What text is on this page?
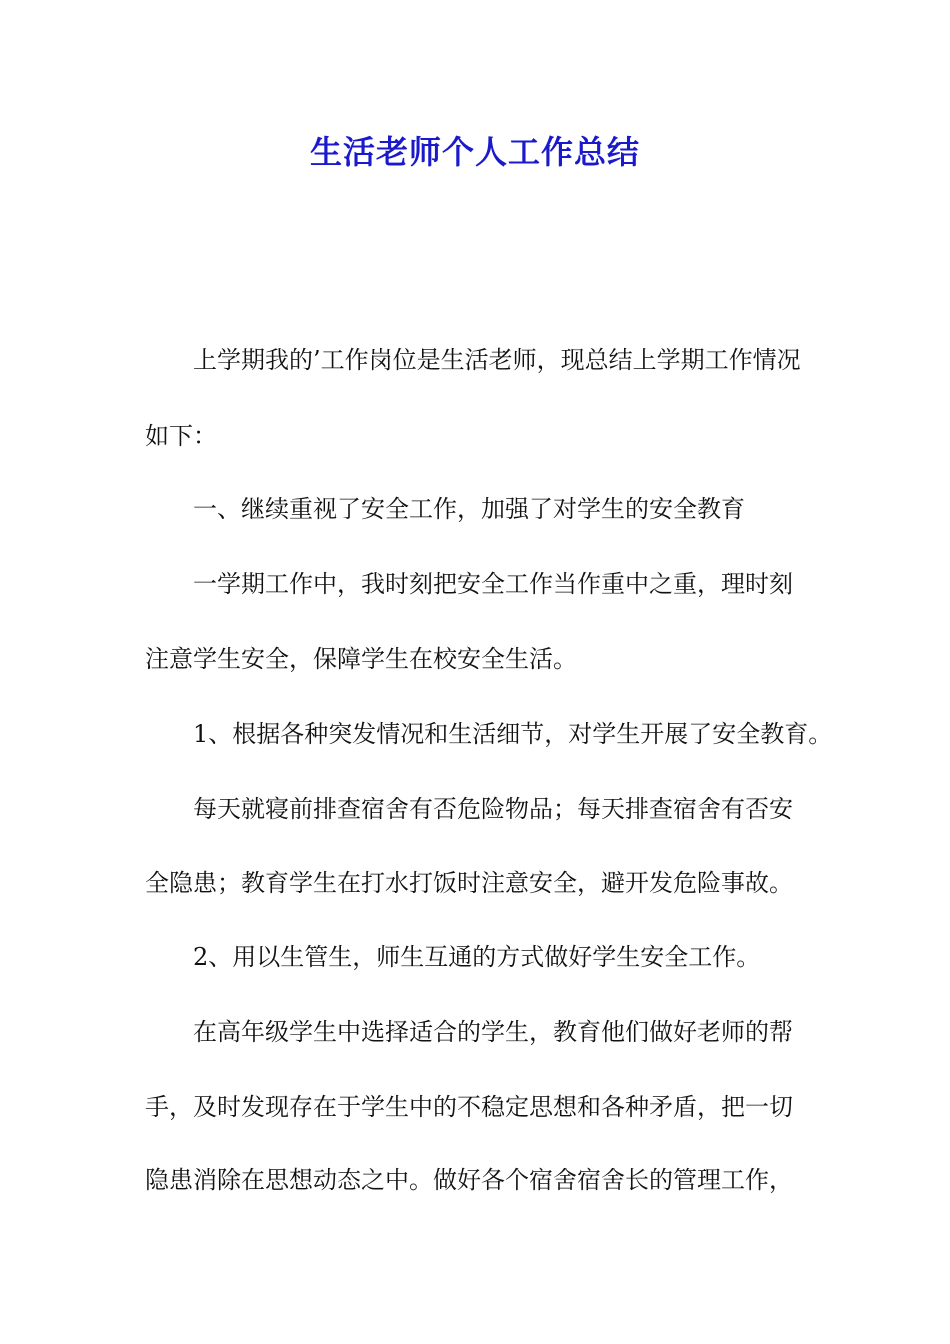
生活老师个人工作总结

上学期我的’工作岗位是生活老师，现总结上学期工作情况

如下：

一、继续重视了安全工作，加强了对学生的安全教育

一学期工作中，我时刻把安全工作当作重中之重，理时刻

注意学生安全，保障学生在校安全生活。

1、根据各种突发情况和生活细节，对学生开展了安全教育。

每天就寝前排查宿舍有否危险物品；每天排查宿舍有否安

全隐患；教育学生在打水打饭时注意安全，避开发危险事故。

2、用以生管生，师生互通的方式做好学生安全工作。

在高年级学生中选择适合的学生，教育他们做好老师的帮

手，及时发现存在于学生中的不稳定思想和各种矛盾，把一切

隐患消除在思想动态之中。做好各个宿舍宿舍长的管理工作，
